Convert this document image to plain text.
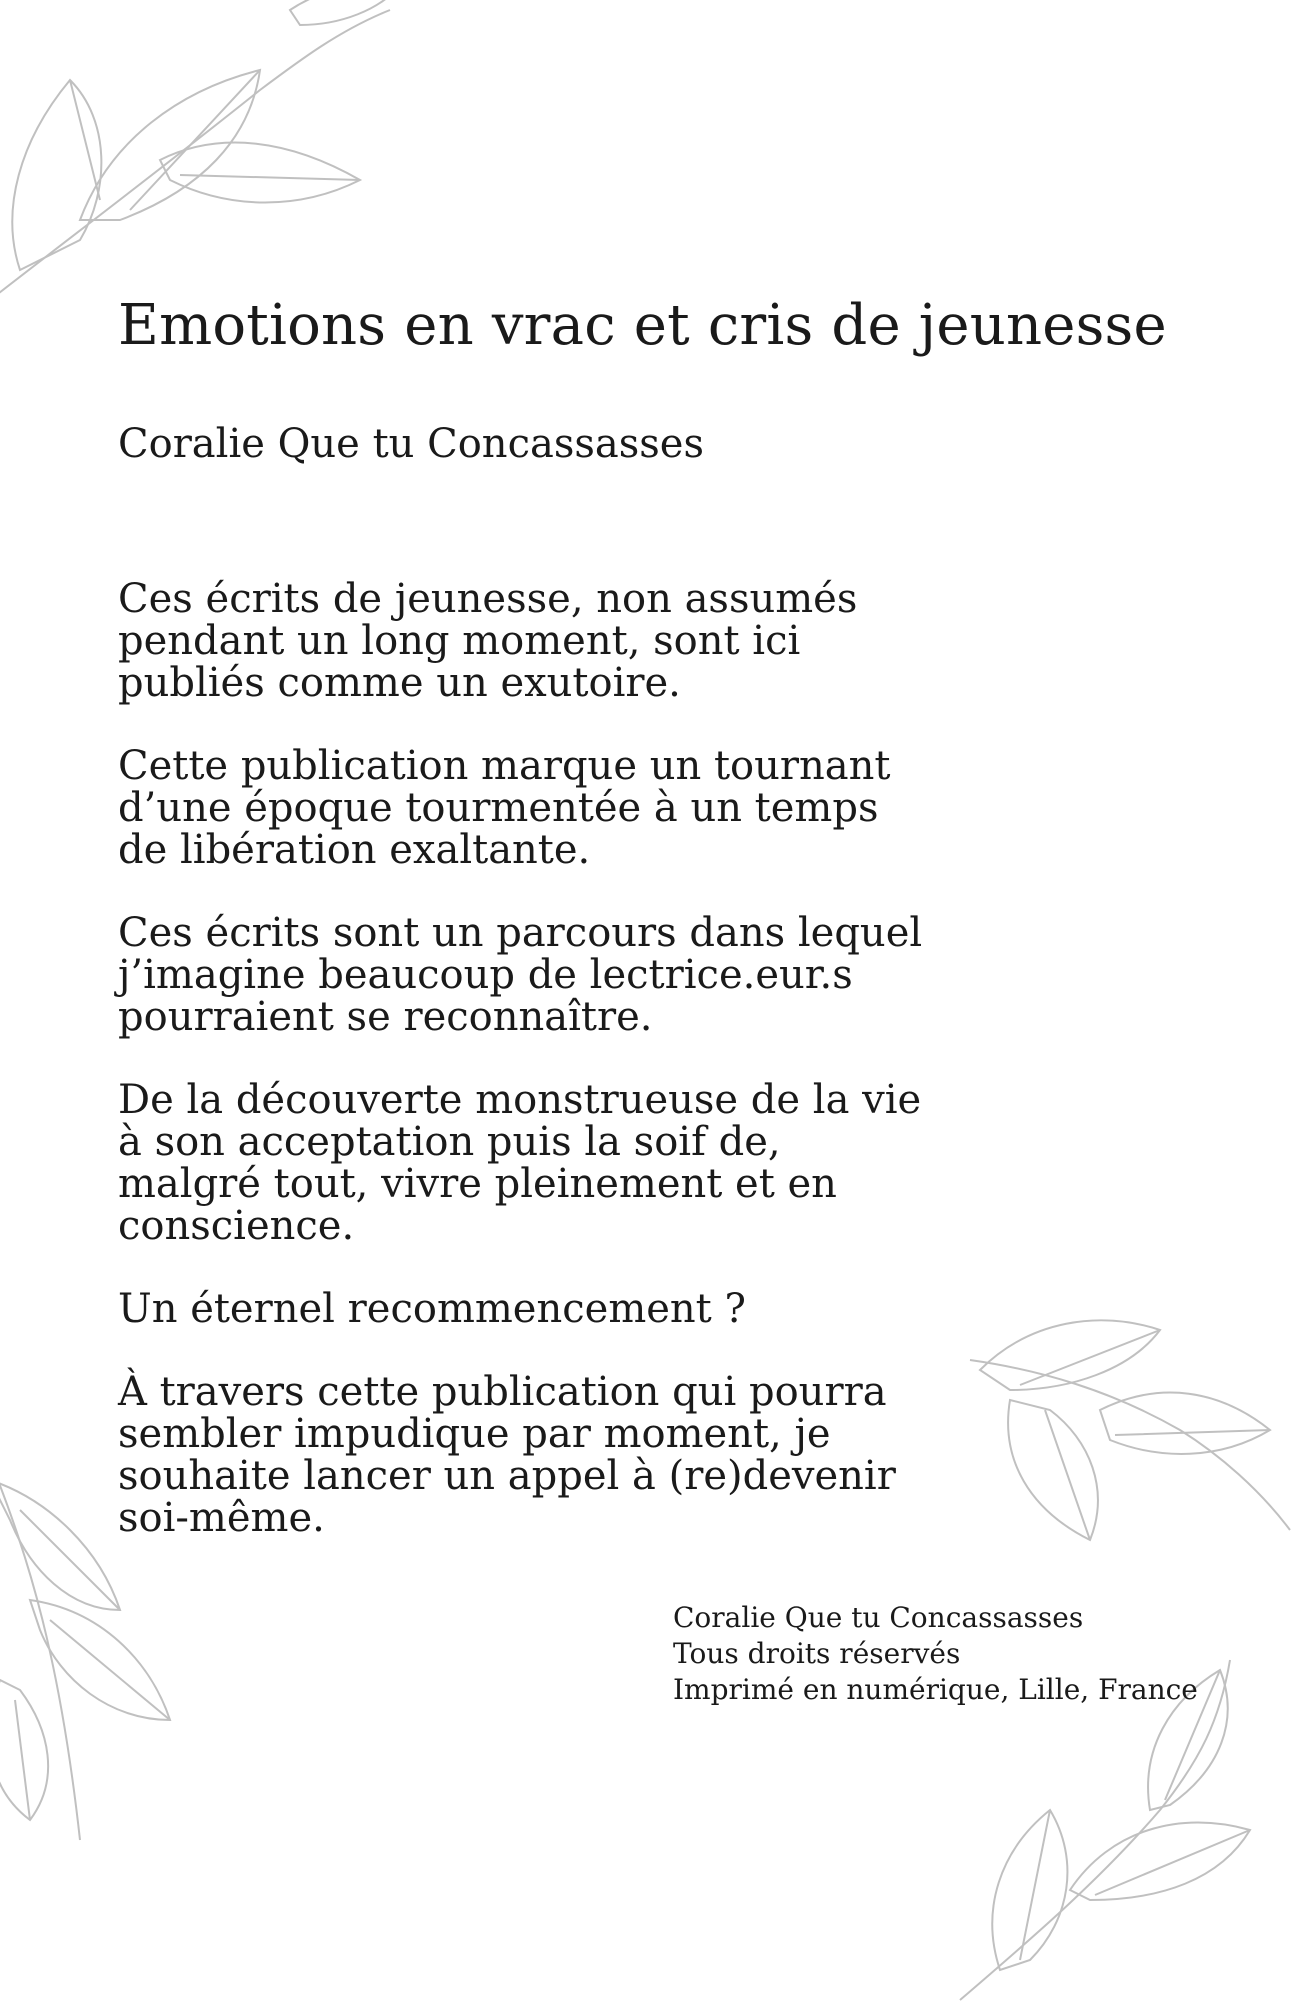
Emotions en vrac et cris de jeunesse

Coralie Que tu Concassasses

Ces écrits de jeunesse, non assumés
pendant un long moment, sont ici
publiés comme un exutoire.

Cette publication marque un tournant
d’une époque tourmentée à un temps
de libération exaltante.

Ces écrits sont un parcours dans lequel
j’imagine beaucoup de lectrice.eur.s
pourraient se reconnaître.

De la découverte monstrueuse de la vie
à son acceptation puis la soif de,
malgré tout, vivre pleinement et en
conscience.

Un éternel recommencement ?

À travers cette publication qui pourra
sembler impudique par moment, je
souhaite lancer un appel à (re)devenir
soi-même.

Coralie Que tu Concassasses
Tous droits réservés
Imprimé en numérique, Lille, France
